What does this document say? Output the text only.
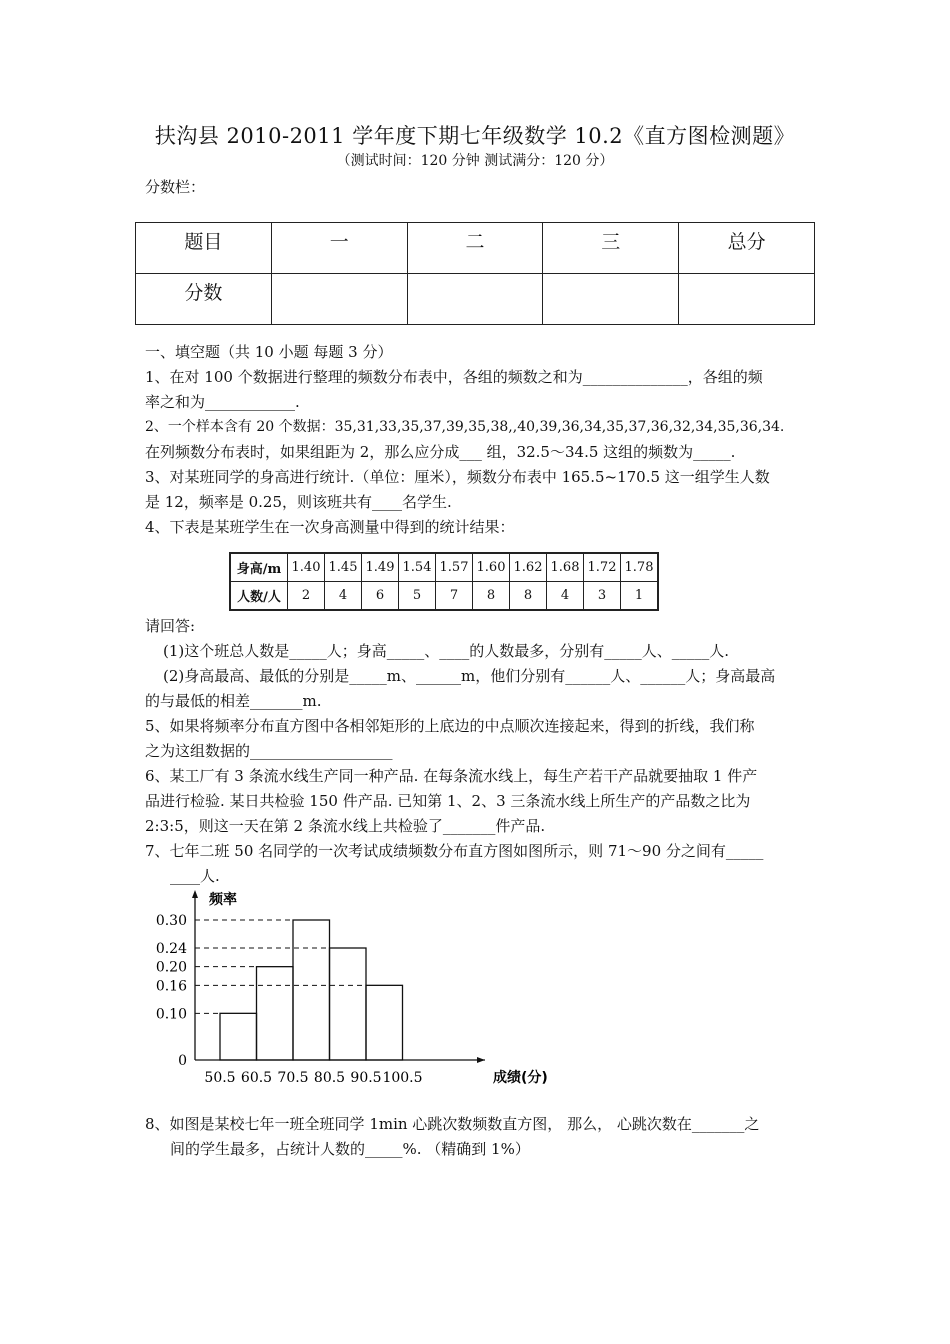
扶沟县 2010-2011 学年度下期七年级数学 10.2《直方图检测题》
（测试时间：120 分钟 测试满分：120 分）
分数栏：
题目	一	二	三	总分
分数				
一、填空题（共 10 小题 每题 3 分）
1、在对 100 个数据进行整理的频数分布表中，各组的频数之和为______________，各组的频
率之和为____________.
2、一个样本含有 20 个数据：35,31,33,35,37,39,35,38,,40,39,36,34,35,37,36,32,34,35,36,34.
在列频数分布表时，如果组距为 2，那么应分成___ 组，32.5～34.5 这组的频数为_____.
3、对某班同学的身高进行统计.（单位：厘米），频数分布表中 165.5~170.5 这一组学生人数
是 12，频率是 0.25，则该班共有____名学生.
4、下表是某班学生在一次身高测量中得到的统计结果：
身高/m	1.40	1.45	1.49	1.54	1.57	1.60	1.62	1.68	1.72	1.78
人数/人	2	4	6	5	7	8	8	4	3	1
请回答:
(1)这个班总人数是_____人；身高_____、____的人数最多，分别有_____人、_____人.
(2)身高最高、最低的分别是_____m、______m，他们分别有______人、______人；身高最高
的与最低的相差_______m.
5、如果将频率分布直方图中各相邻矩形的上底边的中点顺次连接起来，得到的折线，我们称
之为这组数据的___________________
6、某工厂有 3 条流水线生产同一种产品. 在每条流水线上，每生产若干产品就要抽取 1 件产
品进行检验. 某日共检验 150 件产品. 已知第 1、2、3 三条流水线上所生产的产品数之比为
2:3:5，则这一天在第 2 条流水线上共检验了_______件产品.
7、七年二班 50 名同学的一次考试成绩频数分布直方图如图所示，则 71～90 分之间有_____
____人.
0
0.10
0.16
0.20
0.24
0.30
50.5 60.5 70.5 80.5 90.5 100.5
频率
成绩(分)
8、如图是某校七年一班全班同学 1min 心跳次数频数直方图， 那么， 心跳次数在_______之
间的学生最多，占统计人数的_____%. （精确到 1%）
